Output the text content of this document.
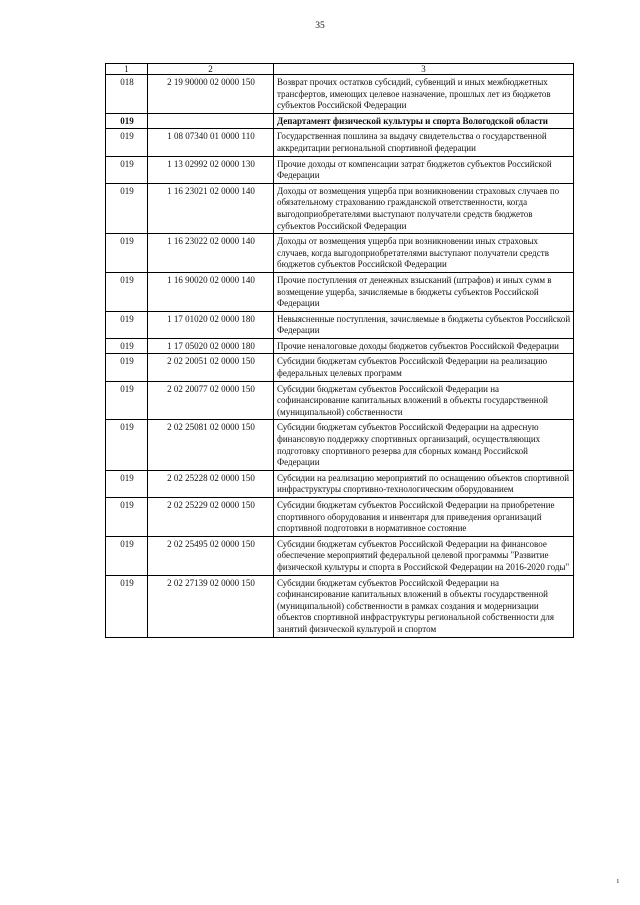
35
1	2	3
018	2 19 90000 02 0000 150	Возврат прочих остатков субсидий, субвенций и иных межбюджетных трансфертов, имеющих целевое назначение, прошлых лет из бюджетов субъектов Российской Федерации
019		Департамент физической культуры и спорта Вологодской области
019	1 08 07340 01 0000 110	Государственная пошлина за выдачу свидетельства о государственной аккредитации региональной спортивной федерации
019	1 13 02992 02 0000 130	Прочие доходы от компенсации затрат бюджетов субъектов Российской Федерации
019	1 16 23021 02 0000 140	Доходы от возмещения ущерба при возникновении страховых случаев по обязательному страхованию гражданской ответственности, когда выгодоприобретателями выступают получатели средств бюджетов субъектов Российской Федерации
019	1 16 23022 02 0000 140	Доходы от возмещения ущерба при возникновении иных страховых случаев, когда выгодоприобретателями выступают получатели средств бюджетов субъектов Российской Федерации
019	1 16 90020 02 0000 140	Прочие поступления от денежных взысканий (штрафов) и иных сумм в возмещение ущерба, зачисляемые в бюджеты субъектов Российской Федерации
019	1 17 01020 02 0000 180	Невыясненные поступления, зачисляемые в бюджеты субъектов Российской Федерации
019	1 17 05020 02 0000 180	Прочие неналоговые доходы бюджетов субъектов Российской Федерации
019	2 02 20051 02 0000 150	Субсидии бюджетам субъектов Российской Федерации на реализацию федеральных целевых программ
019	2 02 20077 02 0000 150	Субсидии бюджетам субъектов Российской Федерации на софинансирование капитальных вложений в объекты государственной (муниципальной) собственности
019	2 02 25081 02 0000 150	Субсидии бюджетам субъектов Российской Федерации на адресную финансовую поддержку спортивных организаций, осуществляющих подготовку спортивного резерва для сборных команд Российской Федерации
019	2 02 25228 02 0000 150	Субсидии на реализацию мероприятий по оснащению объектов спортивной инфраструктуры спортивно-технологическим оборудованием
019	2 02 25229 02 0000 150	Субсидии бюджетам субъектов Российской Федерации на приобретение спортивного оборудования и инвентаря для приведения организаций спортивной подготовки в нормативное состояние
019	2 02 25495 02 0000 150	Субсидии бюджетам субъектов Российской Федерации на финансовое обеспечение мероприятий федеральной целевой программы "Развитие физической культуры и спорта в Российской Федерации на 2016-2020 годы"
019	2 02 27139 02 0000 150	Субсидии бюджетам субъектов Российской Федерации на софинансирование капитальных вложений в объекты государственной (муниципальной) собственности в рамках создания и модернизации объектов спортивной инфраструктуры региональной собственности для занятий физической культурой и спортом
ı
